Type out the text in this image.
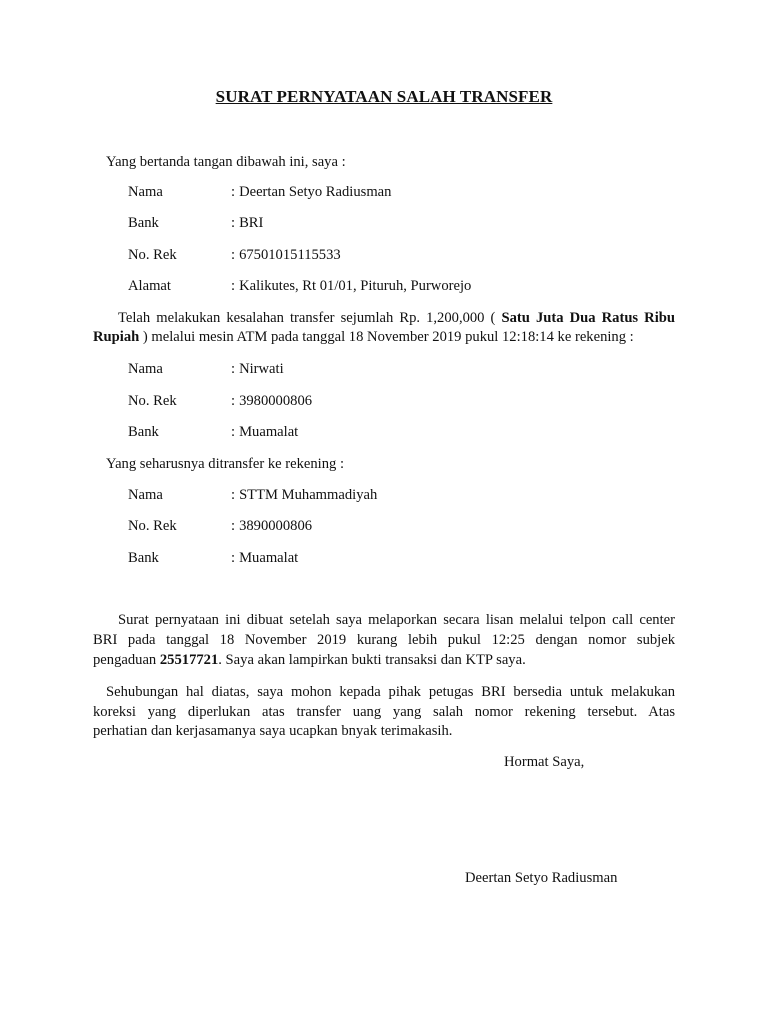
SURAT PERNYATAAN SALAH TRANSFER
Yang bertanda tangan dibawah ini, saya :
Nama	: Deertan Setyo Radiusman
Bank	: BRI
No. Rek	: 67501015115533
Alamat	: Kalikutes, Rt 01/01, Pituruh, Purworejo
Telah melakukan kesalahan transfer sejumlah Rp. 1,200,000 ( Satu Juta Dua Ratus Ribu
Rupiah ) melalui mesin ATM pada tanggal 18 November 2019 pukul 12:18:14 ke rekening :
Nama	: Nirwati
No. Rek	: 3980000806
Bank	: Muamalat
Yang seharusnya ditransfer ke rekening :
Nama	: STTM Muhammadiyah
No. Rek	: 3890000806
Bank	: Muamalat
Surat pernyataan ini dibuat setelah saya melaporkan secara lisan melalui telpon call center
BRI pada tanggal 18 November 2019 kurang lebih pukul 12:25 dengan nomor subjek
pengaduan 25517721. Saya akan lampirkan bukti transaksi dan KTP saya.
Sehubungan hal diatas, saya mohon kepada pihak petugas BRI bersedia untuk melakukan
koreksi yang diperlukan atas transfer uang yang salah nomor rekening tersebut. Atas
perhatian dan kerjasamanya saya ucapkan bnyak terimakasih.
Hormat Saya,
Deertan Setyo Radiusman
